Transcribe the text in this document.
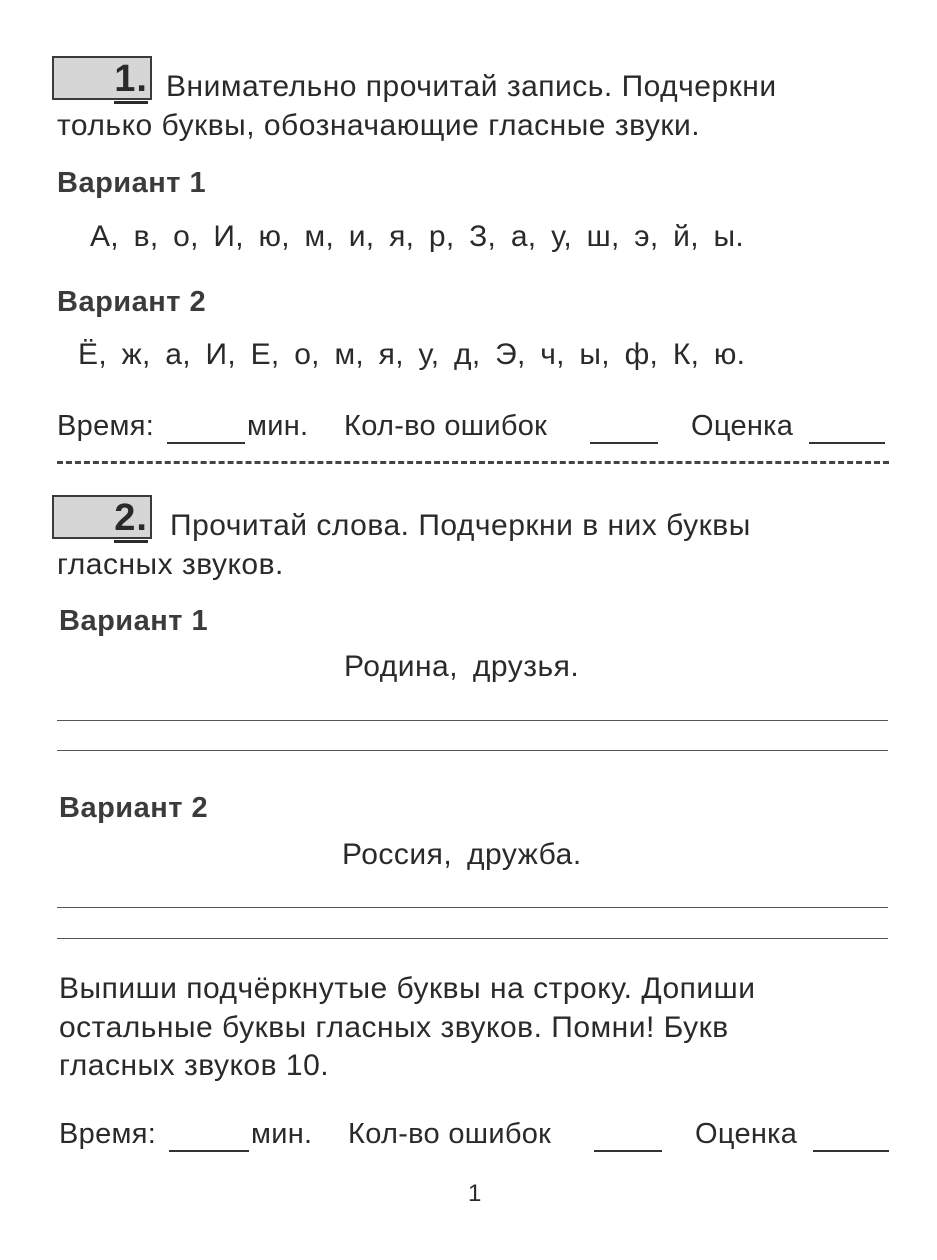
1. Внимательно прочитай запись. Подчеркни
только буквы, обозначающие гласные звуки.
Вариант 1
А, в, о, И, ю, м, и, я, р, З, а, у, ш, э, й, ы.
Вариант 2
Ё, ж, а, И, Е, о, м, я, у, д, Э, ч, ы, ф, К, ю.
Время:	мин. Кол-во ошибок	Оценка
2. Прочитай слова. Подчеркни в них буквы
гласных звуков.
Вариант 1
Родина, друзья.
Вариант 2
Россия, дружба.
Выпиши подчёркнутые буквы на строку. Допиши
остальные буквы гласных звуков. Помни! Букв
гласных звуков 10.
Время:	мин. Кол-во ошибок	Оценка
1
